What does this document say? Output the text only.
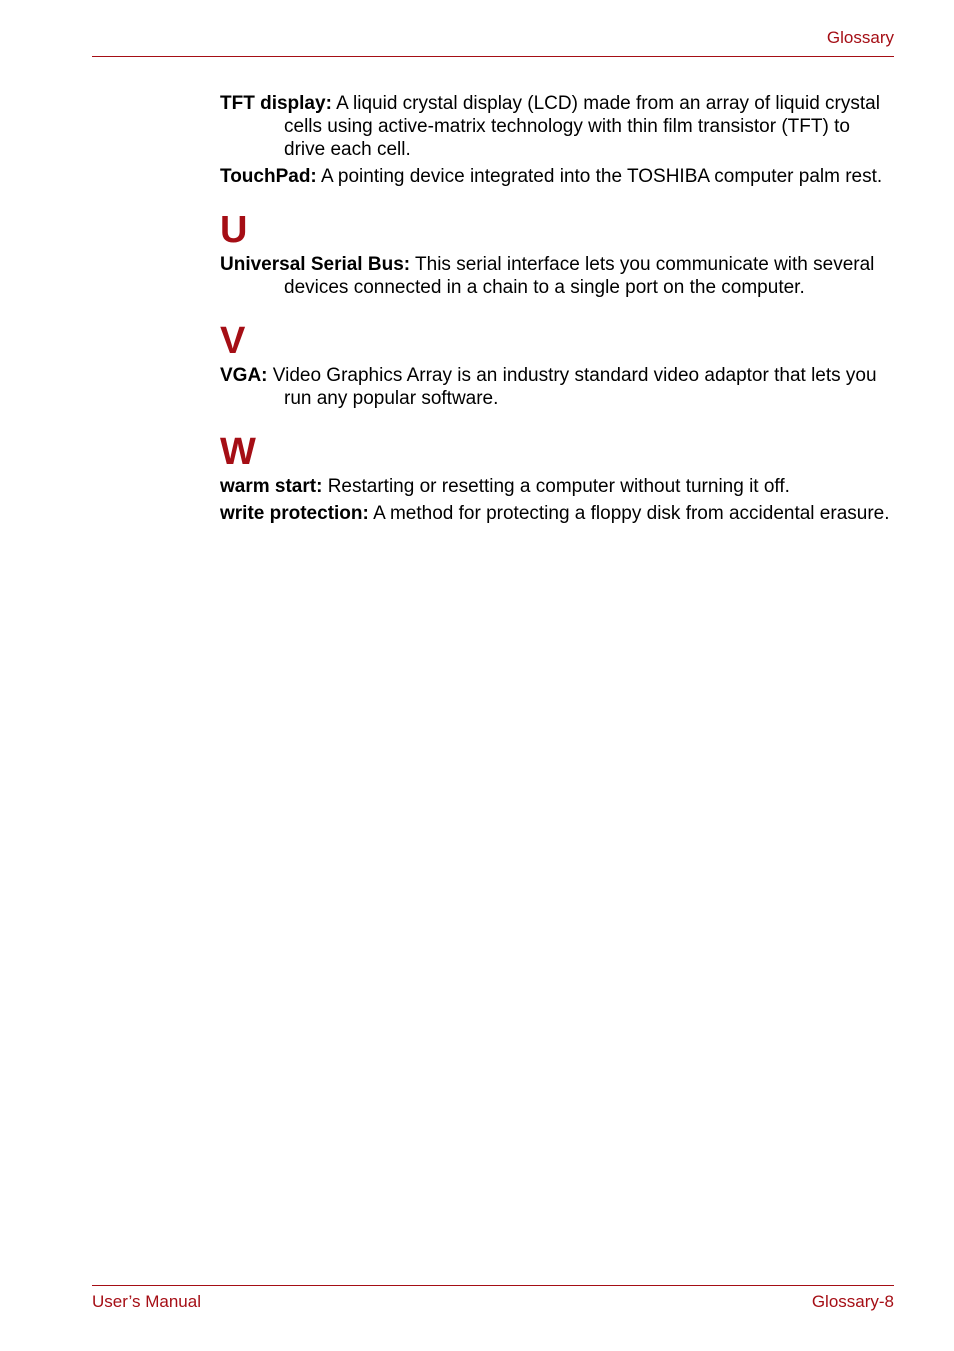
Glossary

TFT display: A liquid crystal display (LCD) made from an array of liquid crystal cells using active-matrix technology with thin film transistor (TFT) to drive each cell.

TouchPad: A pointing device integrated into the TOSHIBA computer palm rest.

U

Universal Serial Bus: This serial interface lets you communicate with several devices connected in a chain to a single port on the computer.

V

VGA: Video Graphics Array is an industry standard video adaptor that lets you run any popular software.

W

warm start: Restarting or resetting a computer without turning it off.

write protection: A method for protecting a floppy disk from accidental erasure.

User’s Manual	Glossary-8
